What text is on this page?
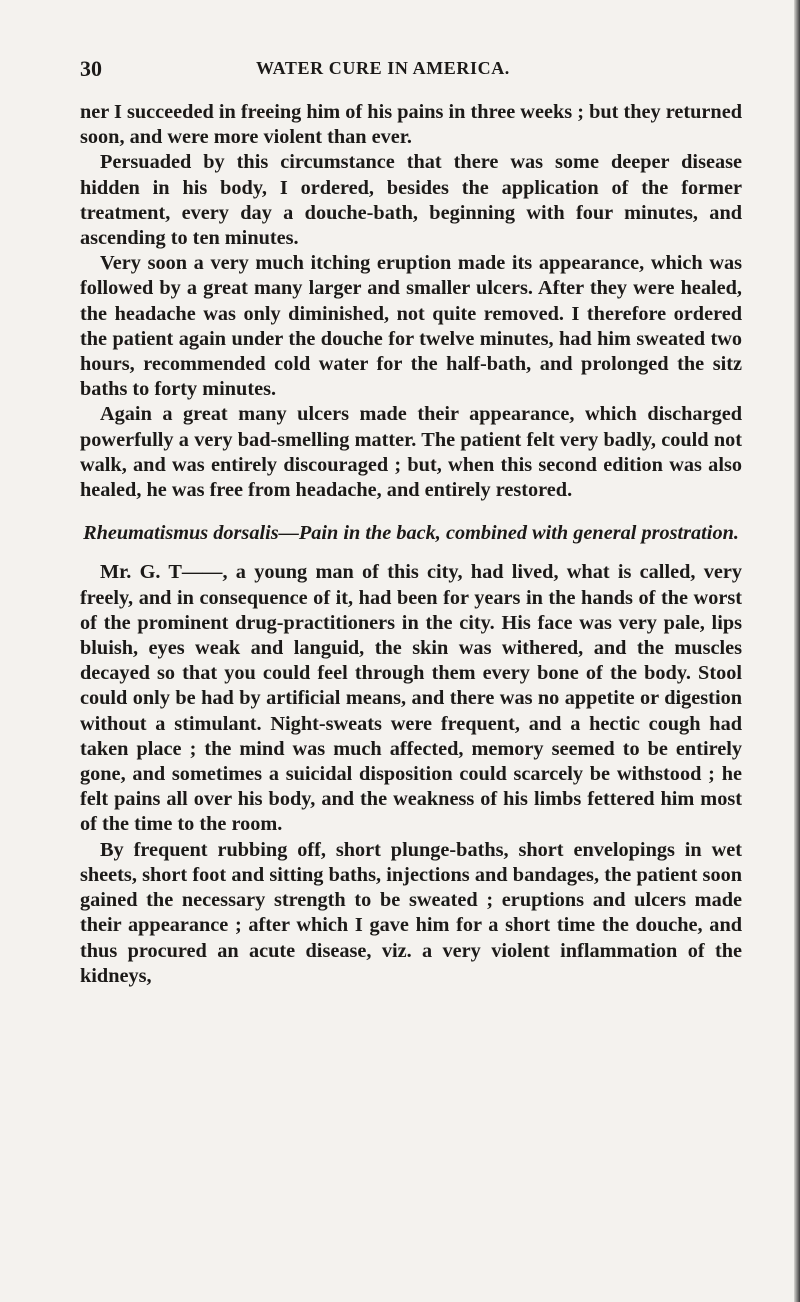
30	WATER CURE IN AMERICA.

ner I succeeded in freeing him of his pains in three weeks ; but they returned soon, and were more violent than ever.

Persuaded by this circumstance that there was some deeper disease hidden in his body, I ordered, besides the application of the former treatment, every day a douche-bath, beginning with four minutes, and ascending to ten minutes.

Very soon a very much itching eruption made its appearance, which was followed by a great many larger and smaller ulcers. After they were healed, the headache was only diminished, not quite removed. I therefore ordered the patient again under the douche for twelve minutes, had him sweated two hours, recommended cold water for the half-bath, and prolonged the sitz baths to forty minutes.

Again a great many ulcers made their appearance, which discharged powerfully a very bad-smelling matter. The patient felt very badly, could not walk, and was entirely discouraged ; but, when this second edition was also healed, he was free from headache, and entirely restored.

Rheumatismus dorsalis—Pain in the back, combined with general prostration.

Mr. G. T——, a young man of this city, had lived, what is called, very freely, and in consequence of it, had been for years in the hands of the worst of the prominent drug-practitioners in the city. His face was very pale, lips bluish, eyes weak and languid, the skin was withered, and the muscles decayed so that you could feel through them every bone of the body. Stool could only be had by artificial means, and there was no appetite or digestion without a stimulant. Night-sweats were frequent, and a hectic cough had taken place ; the mind was much affected, memory seemed to be entirely gone, and sometimes a suicidal disposition could scarcely be withstood ; he felt pains all over his body, and the weakness of his limbs fettered him most of the time to the room.

By frequent rubbing off, short plunge-baths, short envelopings in wet sheets, short foot and sitting baths, injections and bandages, the patient soon gained the necessary strength to be sweated ; eruptions and ulcers made their appearance ; after which I gave him for a short time the douche, and thus procured an acute disease, viz. a very violent inflammation of the kidneys,
